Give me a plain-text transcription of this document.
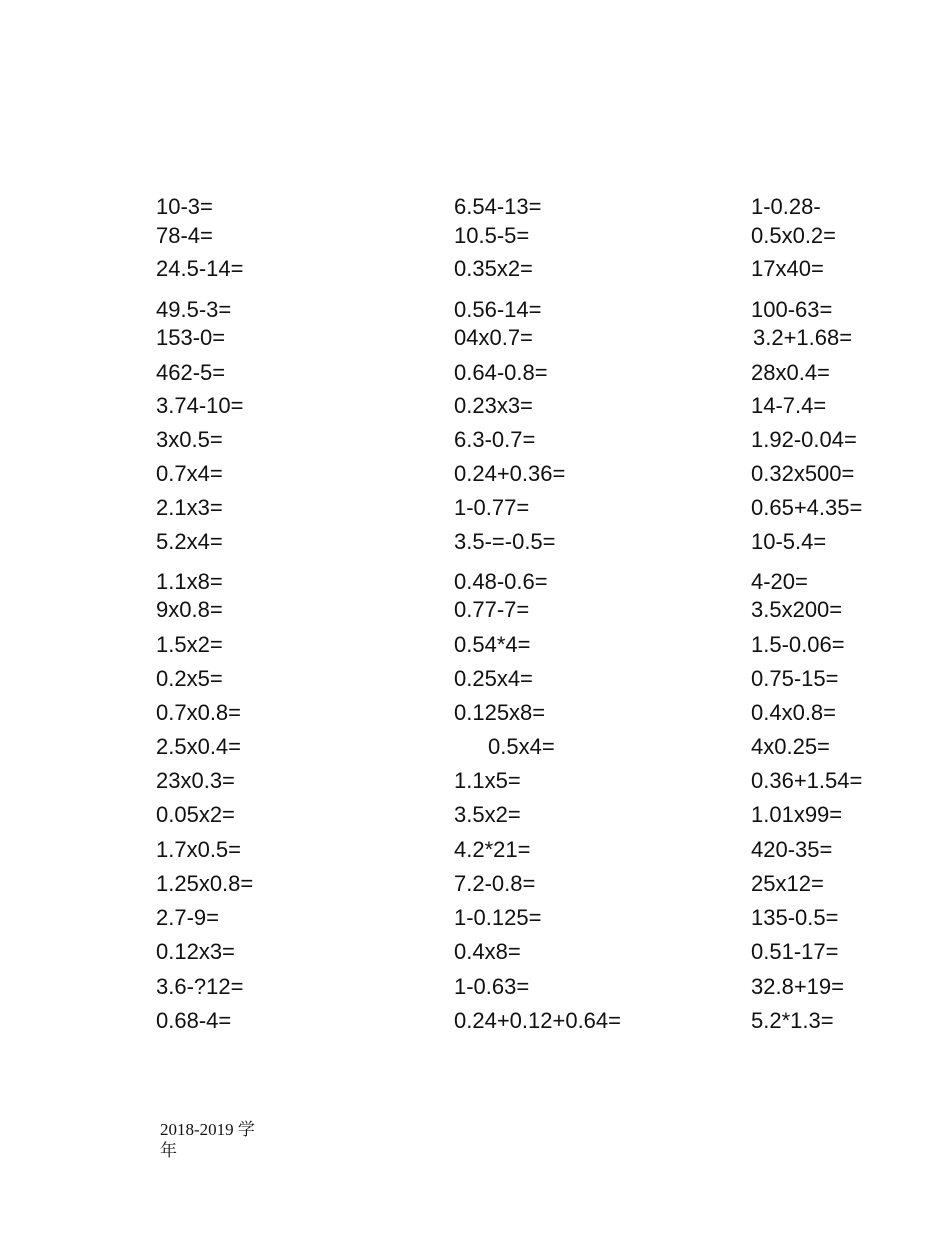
10-3=
78-4=
24.5-14=
49.5-3=
153-0=
462-5=
3.74-10=
3x0.5=
0.7x4=
2.1x3=
5.2x4=
1.1x8=
9x0.8=
1.5x2=
0.2x5=
0.7x0.8=
2.5x0.4=
23x0.3=
0.05x2=
1.7x0.5=
1.25x0.8=
2.7-9=
0.12x3=
3.6-?12=
0.68-4=
6.54-13=
10.5-5=
0.35x2=
0.56-14=
04x0.7=
0.64-0.8=
0.23x3=
6.3-0.7=
0.24+0.36=
1-0.77=
3.5-=-0.5=
0.48-0.6=
0.77-7=
0.54*4=
0.25x4=
0.125x8=
0.5x4=
1.1x5=
3.5x2=
4.2*21=
7.2-0.8=
1-0.125=
0.4x8=
1-0.63=
0.24+0.12+0.64=
1-0.28-
0.5x0.2=
17x40=
100-63=
3.2+1.68=
28x0.4=
14-7.4=
1.92-0.04=
0.32x500=
0.65+4.35=
10-5.4=
4-20=
3.5x200=
1.5-0.06=
0.75-15=
0.4x0.8=
4x0.25=
0.36+1.54=
1.01x99=
420-35=
25x12=
135-0.5=
0.51-17=
32.8+19=
5.2*1.3=
2018-2019 学年
